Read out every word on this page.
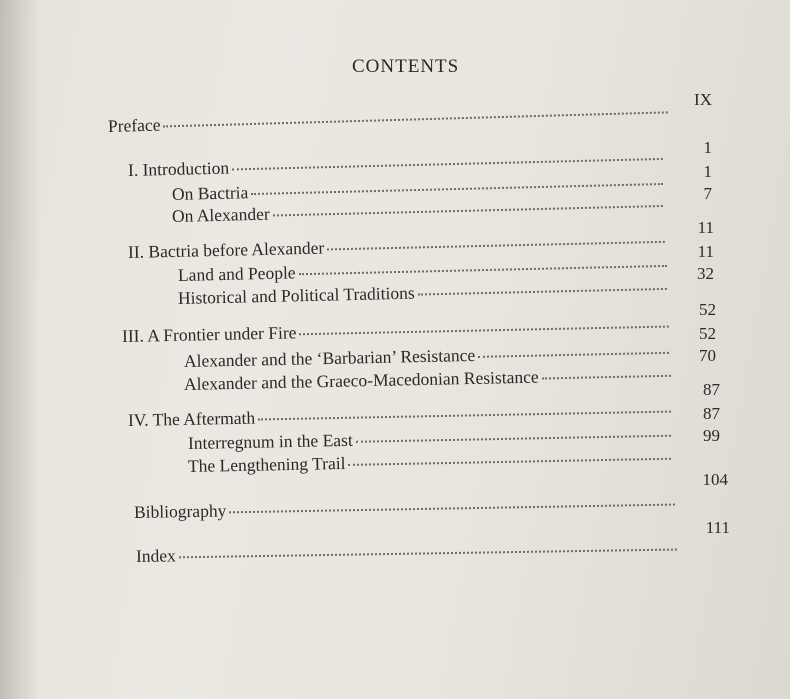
CONTENTS
Preface
IX
I. Introduction
1
On Bactria
1
On Alexander
7
II. Bactria before Alexander
11
Land and People
11
Historical and Political Traditions
32
III. A Frontier under Fire
52
Alexander and the ‘Barbarian’ Resistance
52
Alexander and the Graeco-Macedonian Resistance
70
IV. The Aftermath
87
Interregnum in the East
87
The Lengthening Trail
99
Bibliography
104
Index
111
